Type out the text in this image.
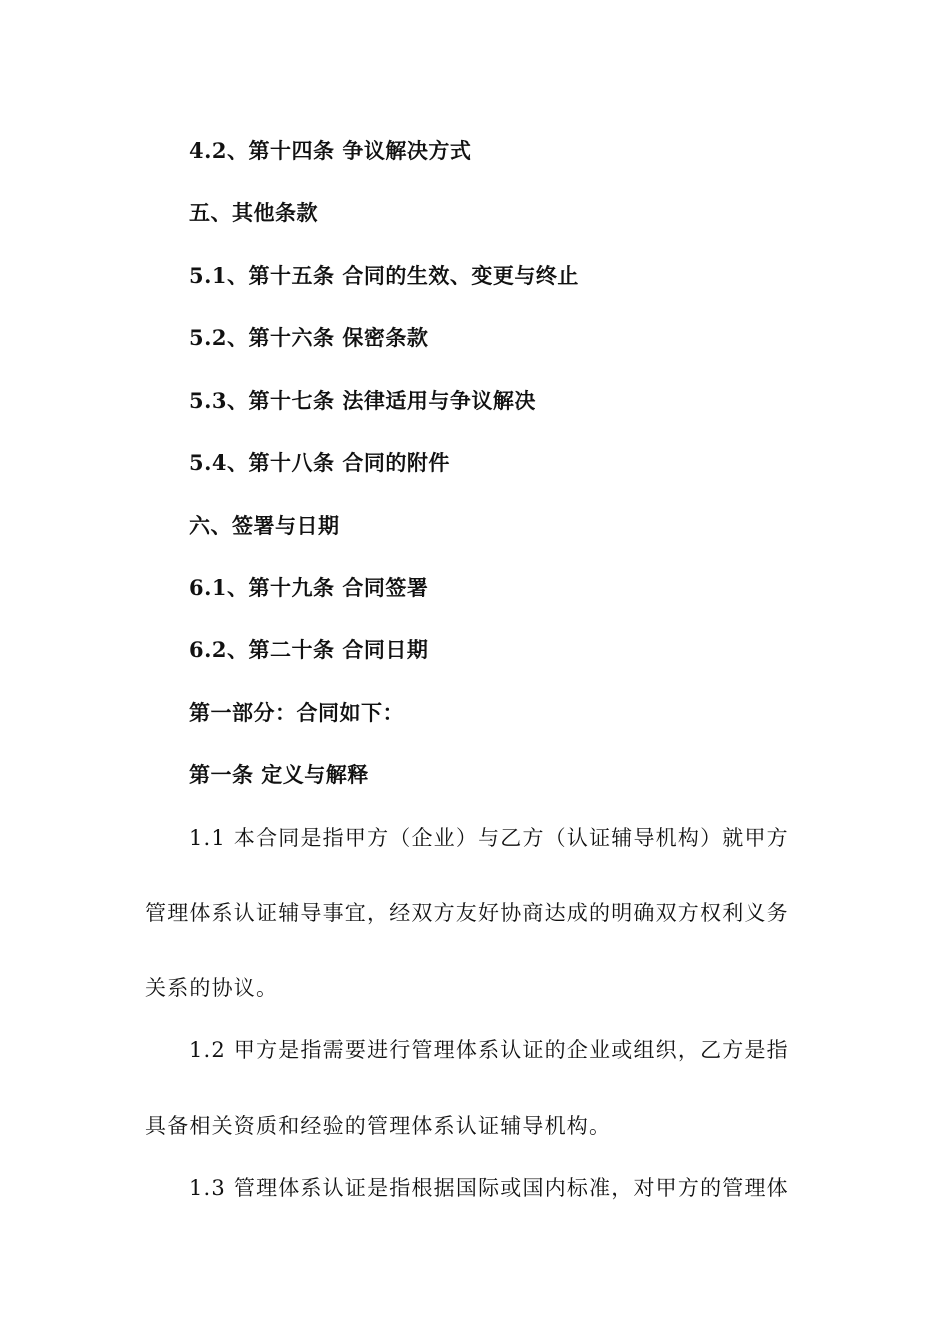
4.2、第十四条 争议解决方式
五、其他条款
5.1、第十五条 合同的生效、变更与终止
5.2、第十六条 保密条款
5.3、第十七条 法律适用与争议解决
5.4、第十八条 合同的附件
六、签署与日期
6.1、第十九条 合同签署
6.2、第二十条 合同日期
第一部分：合同如下：
第一条 定义与解释
1.1 本合同是指甲方（企业）与乙方（认证辅导机构）就甲方
管理体系认证辅导事宜，经双方友好协商达成的明确双方权利义务
关系的协议。
1.2 甲方是指需要进行管理体系认证的企业或组织，乙方是指
具备相关资质和经验的管理体系认证辅导机构。
1.3 管理体系认证是指根据国际或国内标准，对甲方的管理体
